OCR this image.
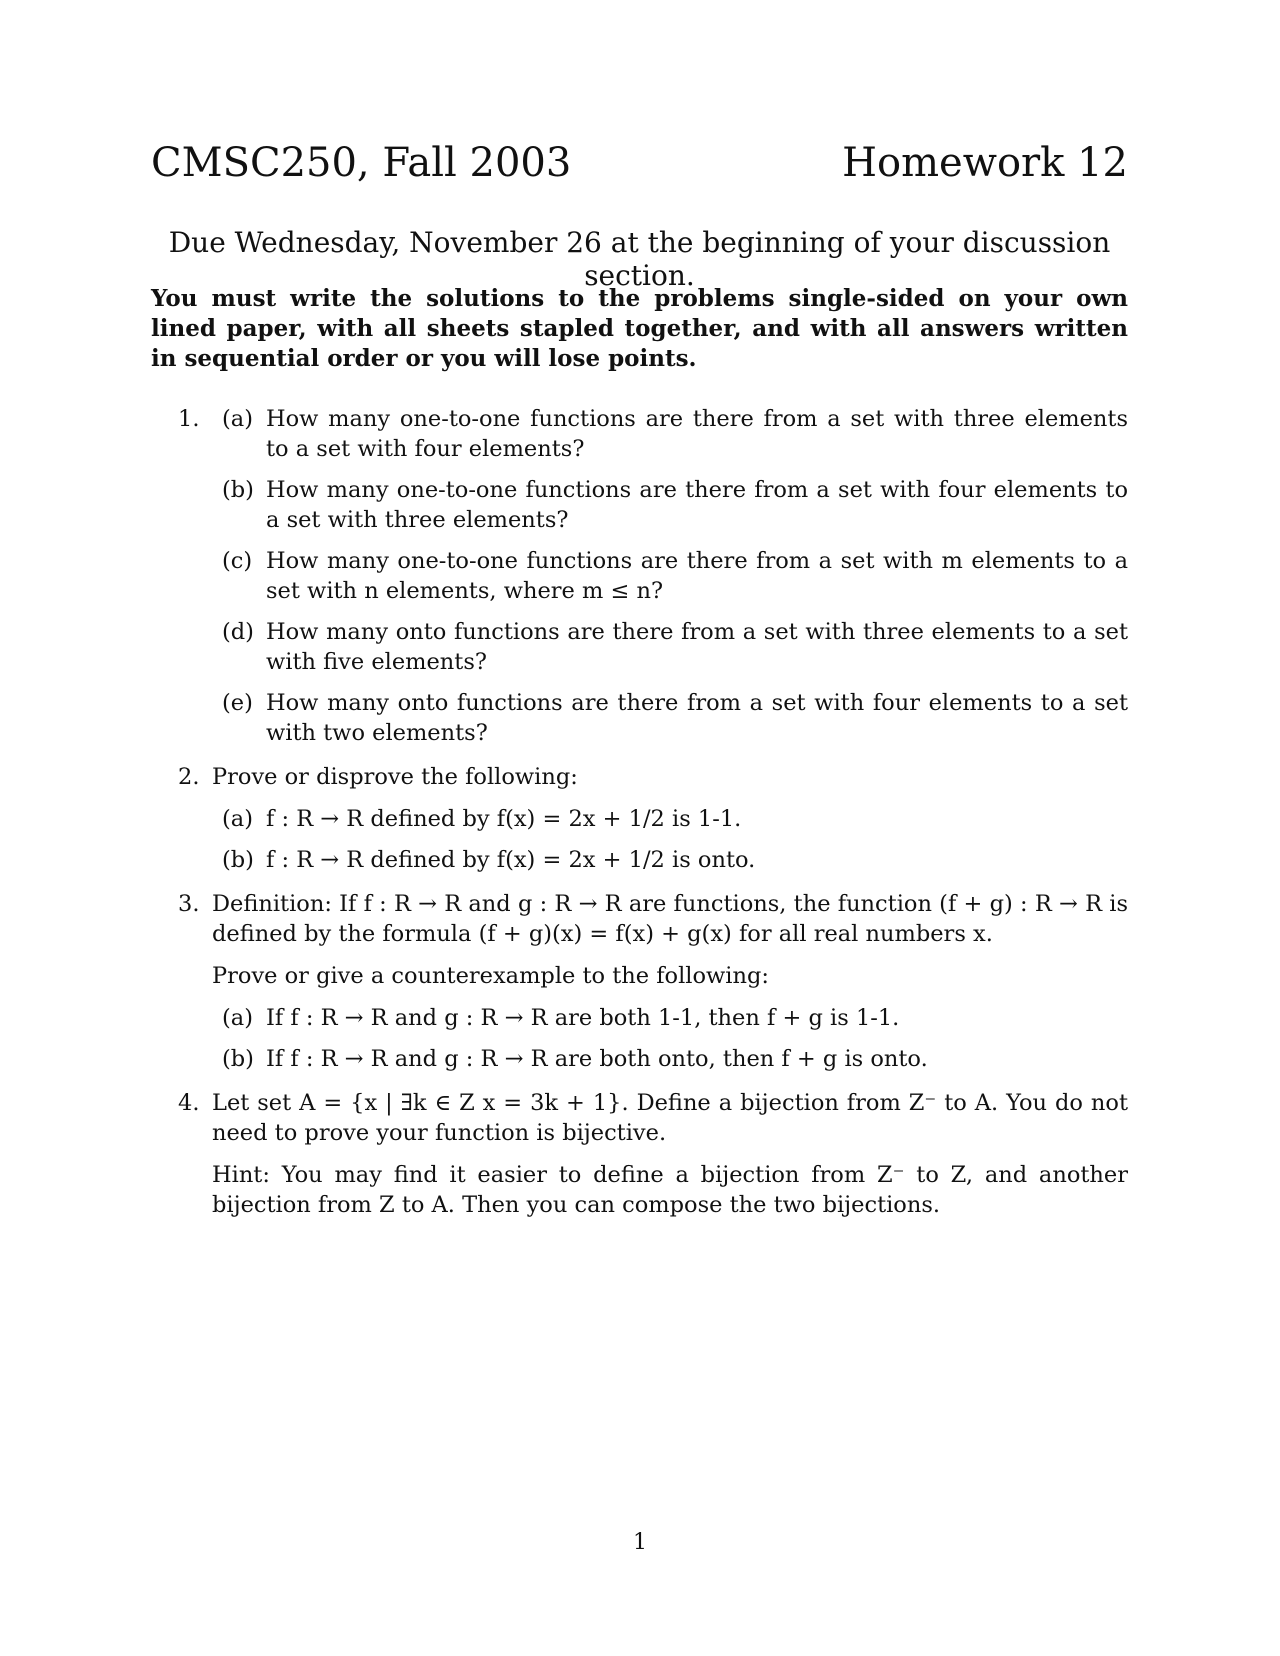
CMSC250, Fall 2003	Homework 12
Due Wednesday, November 26 at the beginning of your discussion section.
You must write the solutions to the problems single-sided on your own lined paper, with all sheets stapled together, and with all answers written in sequential order or you will lose points.
1. (a) How many one-to-one functions are there from a set with three elements to a set with four elements?
(b) How many one-to-one functions are there from a set with four elements to a set with three elements?
(c) How many one-to-one functions are there from a set with m elements to a set with n elements, where m ≤ n?
(d) How many onto functions are there from a set with three elements to a set with five elements?
(e) How many onto functions are there from a set with four elements to a set with two elements?
2. Prove or disprove the following:
(a) f : R → R defined by f(x) = 2x + 1/2 is 1-1.
(b) f : R → R defined by f(x) = 2x + 1/2 is onto.
3. Definition: If f : R → R and g : R → R are functions, the function (f + g) : R → R is defined by the formula (f + g)(x) = f(x) + g(x) for all real numbers x.
Prove or give a counterexample to the following:
(a) If f : R → R and g : R → R are both 1-1, then f + g is 1-1.
(b) If f : R → R and g : R → R are both onto, then f + g is onto.
4. Let set A = {x | ∃k ∈ Z x = 3k + 1}. Define a bijection from Z⁻ to A. You do not need to prove your function is bijective.
Hint: You may find it easier to define a bijection from Z⁻ to Z, and another bijection from Z to A. Then you can compose the two bijections.
1
